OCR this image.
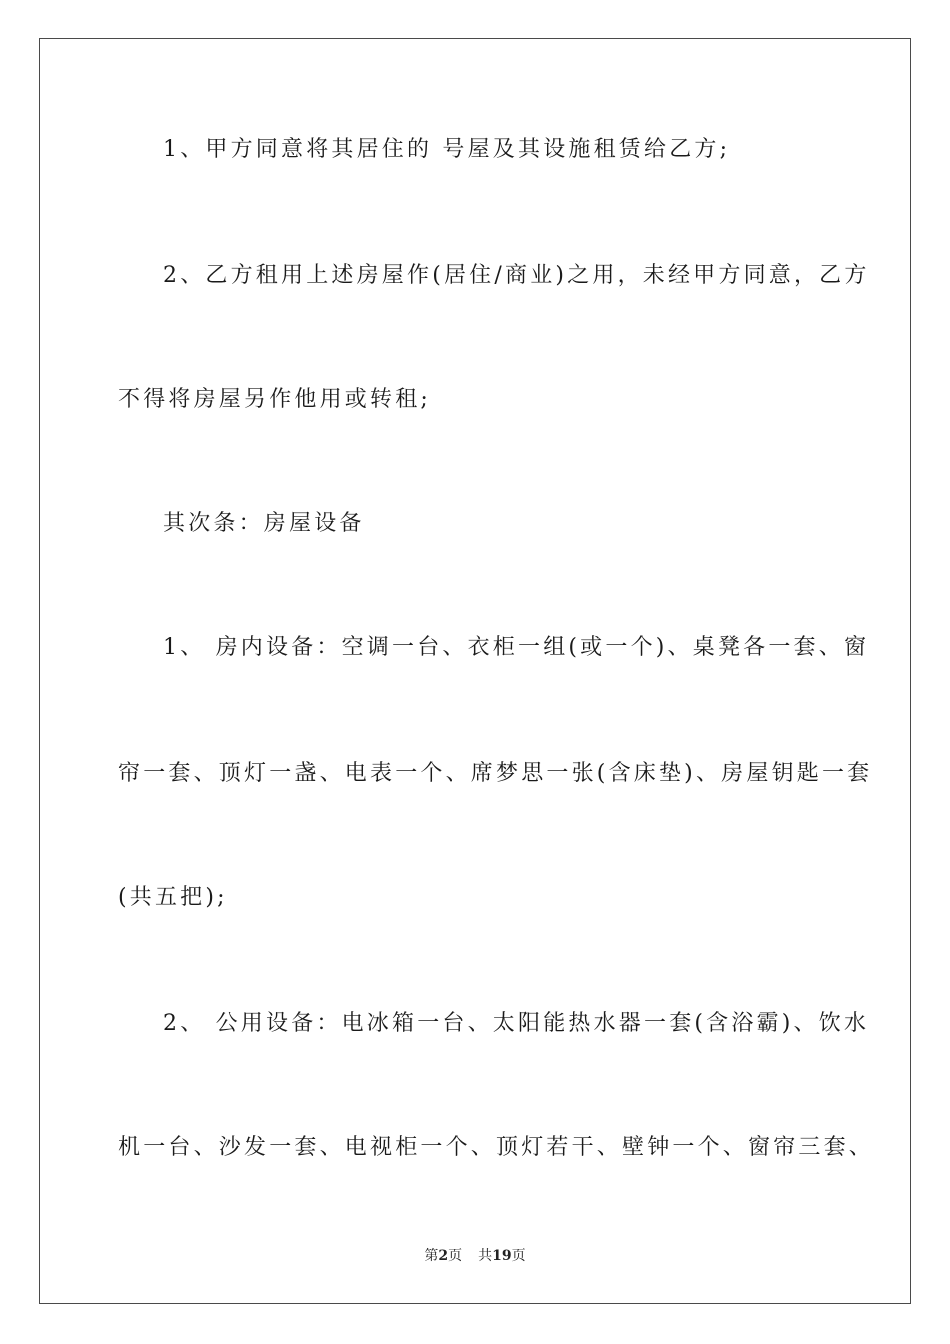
1、甲方同意将其居住的 号屋及其设施租赁给乙方;
2、乙方租用上述房屋作(居住/商业)之用，未经甲方同意，乙方
不得将房屋另作他用或转租;
其次条：房屋设备
1、 房内设备：空调一台、衣柜一组(或一个)、桌凳各一套、窗
帘一套、顶灯一盏、电表一个、席梦思一张(含床垫)、房屋钥匙一套
(共五把);
2、 公用设备：电冰箱一台、太阳能热水器一套(含浴霸)、饮水
机一台、沙发一套、电视柜一个、顶灯若干、壁钟一个、窗帘三套、
第2页 共19页
